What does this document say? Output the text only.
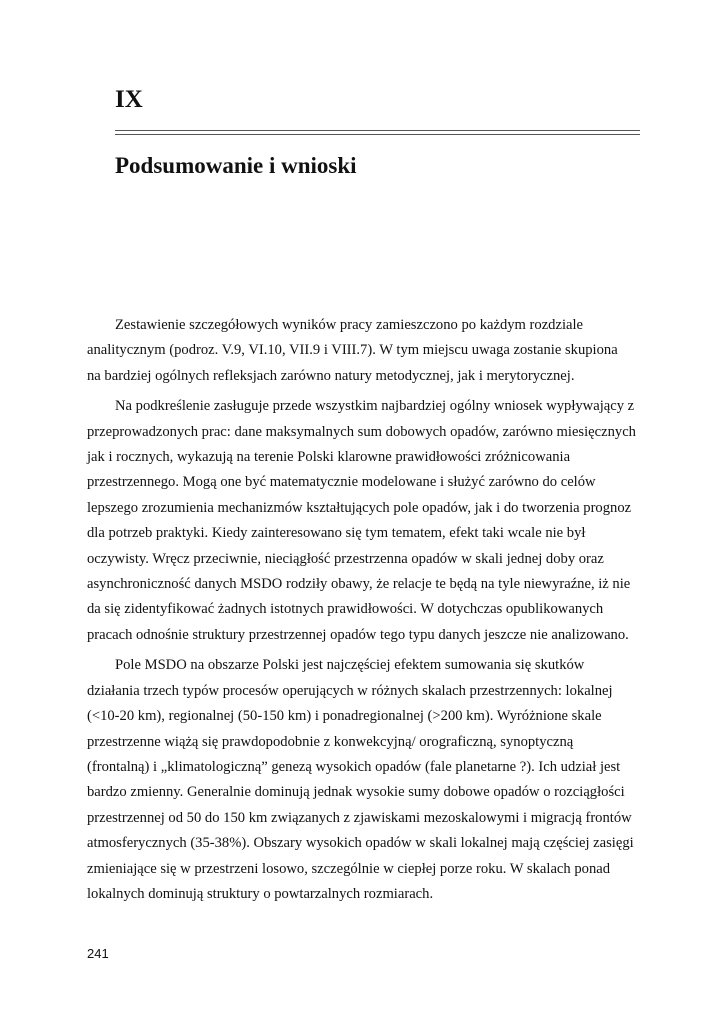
IX
Podsumowanie i wnioski

Zestawienie szczegółowych wyników pracy zamieszczono po każdym rozdziale
analitycznym (podroz. V.9, VI.10, VII.9 i VIII.7). W tym miejscu uwaga zostanie skupiona
na bardziej ogólnych refleksjach zarówno natury metodycznej, jak i merytorycznej.

Na podkreślenie zasługuje przede wszystkim najbardziej ogólny wniosek wypływający z
przeprowadzonych prac: dane maksymalnych sum dobowych opadów, zarówno miesięcznych
jak i rocznych, wykazują na terenie Polski klarowne prawidłowości zróżnicowania
przestrzennego. Mogą one być matematycznie modelowane i służyć zarówno do celów
lepszego zrozumienia mechanizmów kształtujących pole opadów, jak i do tworzenia prognoz
dla potrzeb praktyki. Kiedy zainteresowano się tym tematem, efekt taki wcale nie był
oczywisty. Wręcz przeciwnie, nieciągłość przestrzenna opadów w skali jednej doby oraz
asynchroniczność danych MSDO rodziły obawy, że relacje te będą na tyle niewyraźne, iż nie
da się zidentyfikować żadnych istotnych prawidłowości. W dotychczas opublikowanych
pracach odnośnie struktury przestrzennej opadów tego typu danych jeszcze nie analizowano.

Pole MSDO na obszarze Polski jest najczęściej efektem sumowania się skutków
działania trzech typów procesów operujących w różnych skalach przestrzennych: lokalnej
(<10-20 km), regionalnej (50-150 km) i ponadregionalnej (>200 km). Wyróżnione skale
przestrzenne wiążą się prawdopodobnie z konwekcyjną/ orograficzną, synoptyczną
(frontalną) i „klimatologiczną” genezą wysokich opadów (fale planetarne ?). Ich udział jest
bardzo zmienny. Generalnie dominują jednak wysokie sumy dobowe opadów o rozciągłości
przestrzennej od 50 do 150 km związanych z zjawiskami mezoskalowymi i migracją frontów
atmosferycznych (35-38%). Obszary wysokich opadów w skali lokalnej mają częściej zasięgi
zmieniające się w przestrzeni losowo, szczególnie w ciepłej porze roku. W skalach ponad
lokalnych dominują struktury o powtarzalnych rozmiarach.

241
